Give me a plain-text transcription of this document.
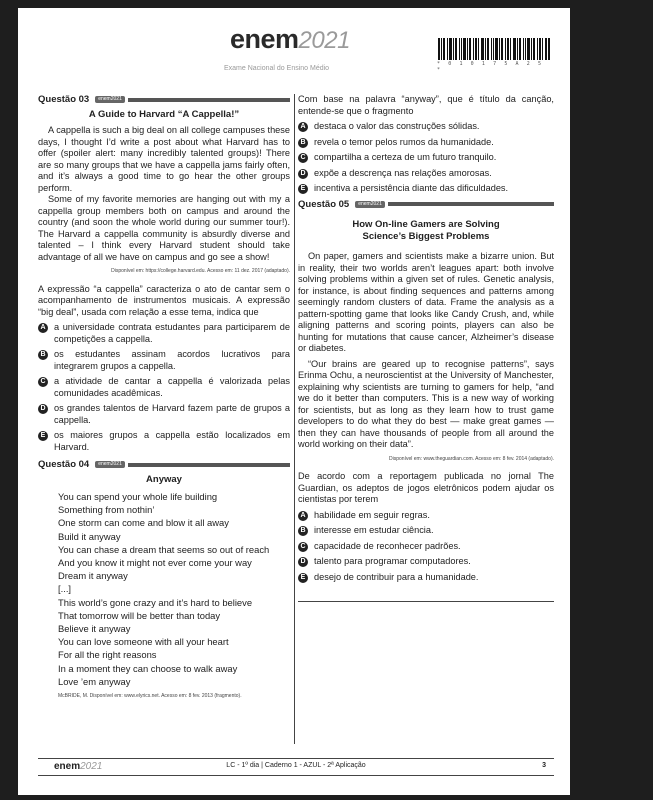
enem2021
Exame Nacional do Ensino Médio
* 0 1 0 1 7 5 A 2 5 *
Questão 03	enem2021
A Guide to Harvard “A Cappella!”

A cappella is such a big deal on all college campuses these days, I thought I’d write a post about what Harvard has to offer (spoiler alert: many incredibly talented groups)! There are so many groups that we have a cappella jams fairly often, and it’s always a good time to go hear the other groups perform.

Some of my favorite memories are hanging out with my a cappella group members both on campus and around the country (and soon the whole world during our summer tour!). The Harvard a cappella community is absurdly diverse and talented – I think every Harvard student should take advantage of all we have on campus and go see a show!

Disponível em: https://college.harvard.edu. Acesso em: 11 dez. 2017 (adaptado).
A expressão “a cappella” caracteriza o ato de cantar sem o acompanhamento de instrumentos musicais. A expressão “big deal”, usada com relação a esse tema, indica que
A a universidade contrata estudantes para participarem de competições a cappella.
B os estudantes assinam acordos lucrativos para integrarem grupos a cappella.
C a atividade de cantar a cappella é valorizada pelas comunidades acadêmicas.
D os grandes talentos de Harvard fazem parte de grupos a cappella.
E os maiores grupos a cappella estão localizados em Harvard.
Questão 04	enem2021
Anyway
You can spend your whole life building
Something from nothin’
One storm can come and blow it all away
Build it anyway
You can chase a dream that seems so out of reach
And you know it might not ever come your way
Dream it anyway
[...]
This world’s gone crazy and it’s hard to believe
That tomorrow will be better than today
Believe it anyway
You can love someone with all your heart
For all the right reasons
In a moment they can choose to walk away
Love ’em anyway
McBRIDE, M. Disponível em: www.elyrics.net. Acesso em: 8 fev. 2013 (fragmento).
Com base na palavra “anyway”, que é título da canção, entende-se que o fragmento
A destaca o valor das construções sólidas.
B revela o temor pelos rumos da humanidade.
C compartilha a certeza de um futuro tranquilo.
D expõe a descrença nas relações amorosas.
E incentiva a persistência diante das dificuldades.
Questão 05	enem2021
How On-line Gamers are Solving Science’s Biggest Problems

On paper, gamers and scientists make a bizarre union. But in reality, their two worlds aren’t leagues apart: both involve solving problems within a given set of rules. Genetic analysis, for instance, is about finding sequences and patterns among seemingly random clusters of data. Frame the analysis as a pattern-spotting game that looks like Candy Crush, and, while aligning patterns and scoring points, players can also be hunting for mutations that cause cancer, Alzheimer’s disease or diabetes.

“Our brains are geared up to recognise patterns”, says Erinma Ochu, a neuroscientist at the University of Manchester, explaining why scientists are turning to gamers for help, “and we do it better than computers. This is a new way of working for scientists, but as long as they learn how to trust game developers to do what they do best — make great games — then they can have thousands of people from all around the world working on their data”.

Disponível em: www.theguardian.com. Acesso em: 8 fev. 2014 (adaptado).
De acordo com a reportagem publicada no jornal The Guardian, os adeptos de jogos eletrônicos podem ajudar os cientistas por terem
A habilidade em seguir regras.
B interesse em estudar ciência.
C capacidade de reconhecer padrões.
D talento para programar computadores.
E desejo de contribuir para a humanidade.
enem2021	LC - 1º dia | Caderno 1 - AZUL - 2ª Aplicação	3
